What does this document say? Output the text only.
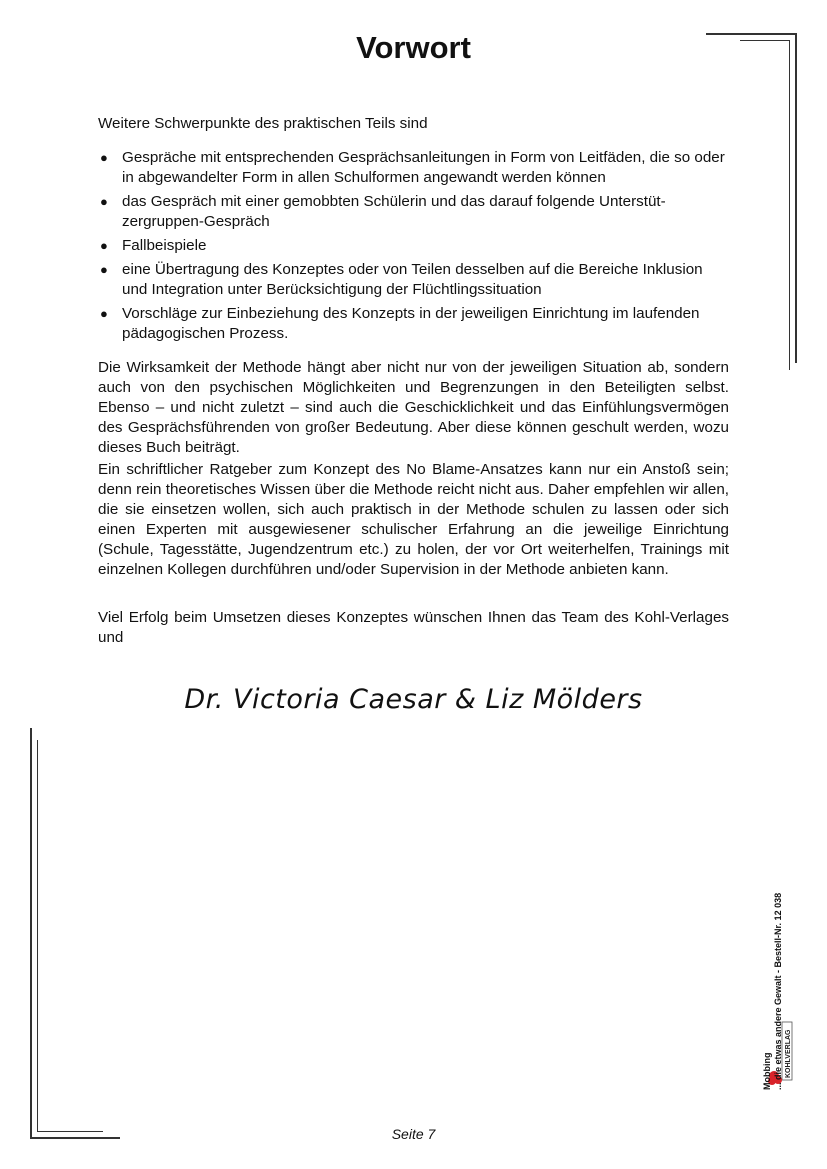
Vorwort

Weitere Schwerpunkte des praktischen Teils sind

● Gespräche mit entsprechenden Gesprächsanleitungen in Form von Leitfäden, die so oder in abgewandelter Form in allen Schulformen angewandt werden können
● das Gespräch mit einer gemobbten Schülerin und das darauf folgende Unterstützergruppen-Gespräch
● Fallbeispiele
● eine Übertragung des Konzeptes oder von Teilen desselben auf die Bereiche Inklusion und Integration unter Berücksichtigung der Flüchtlingssituation
● Vorschläge zur Einbeziehung des Konzepts in der jeweiligen Einrichtung im laufenden pädagogischen Prozess.

Die Wirksamkeit der Methode hängt aber nicht nur von der jeweiligen Situation ab, sondern auch von den psychischen Möglichkeiten und Begrenzungen in den Beteiligten selbst. Ebenso – und nicht zuletzt – sind auch die Geschicklichkeit und das Einfühlungsvermögen des Gesprächsführenden von großer Bedeutung. Aber diese können geschult werden, wozu dieses Buch beiträgt.

Ein schriftlicher Ratgeber zum Konzept des No Blame-Ansatzes kann nur ein Anstoß sein; denn rein theoretisches Wissen über die Methode reicht nicht aus. Daher empfehlen wir allen, die sie einsetzen wollen, sich auch praktisch in der Methode schulen zu lassen oder sich einen Experten mit ausgewiesener schulischer Erfahrung an die jeweilige Einrichtung (Schule, Tagesstätte, Jugendzentrum etc.) zu holen, der vor Ort weiterhelfen, Trainings mit einzelnen Kollegen durchführen und/oder Supervision in der Methode anbieten kann.

Viel Erfolg beim Umsetzen dieses Konzeptes wünschen Ihnen das Team des Kohl-Verlages und

Dr. Victoria Caesar & Liz Mölders
KOHLVERLAG
Mobbing ... die etwas andere Gewalt - Bestell-Nr. 12 038
Seite 7
